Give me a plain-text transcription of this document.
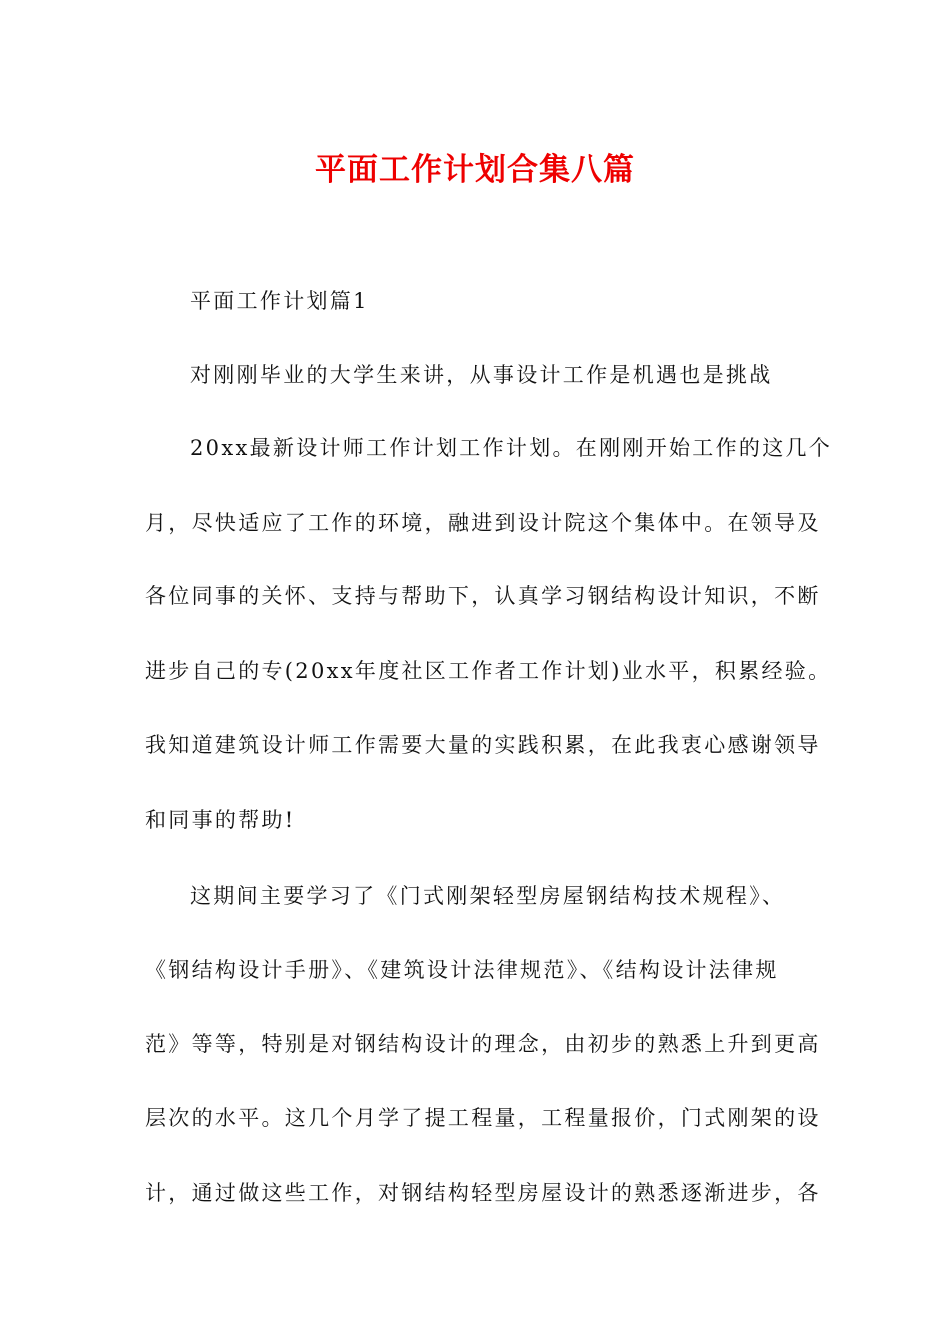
平面工作计划合集八篇
平面工作计划篇1
对刚刚毕业的大学生来讲，从事设计工作是机遇也是挑战
20xx最新设计师工作计划工作计划。在刚刚开始工作的这几个
月，尽快适应了工作的环境，融进到设计院这个集体中。在领导及
各位同事的关怀、支持与帮助下，认真学习钢结构设计知识，不断
进步自己的专(20xx年度社区工作者工作计划)业水平，积累经验。
我知道建筑设计师工作需要大量的实践积累，在此我衷心感谢领导
和同事的帮助!
这期间主要学习了《门式刚架轻型房屋钢结构技术规程》、
《钢结构设计手册》、《建筑设计法律规范》、《结构设计法律规
范》等等，特别是对钢结构设计的理念，由初步的熟悉上升到更高
层次的水平。这几个月学了提工程量，工程量报价，门式刚架的设
计，通过做这些工作，对钢结构轻型房屋设计的熟悉逐渐进步，各
